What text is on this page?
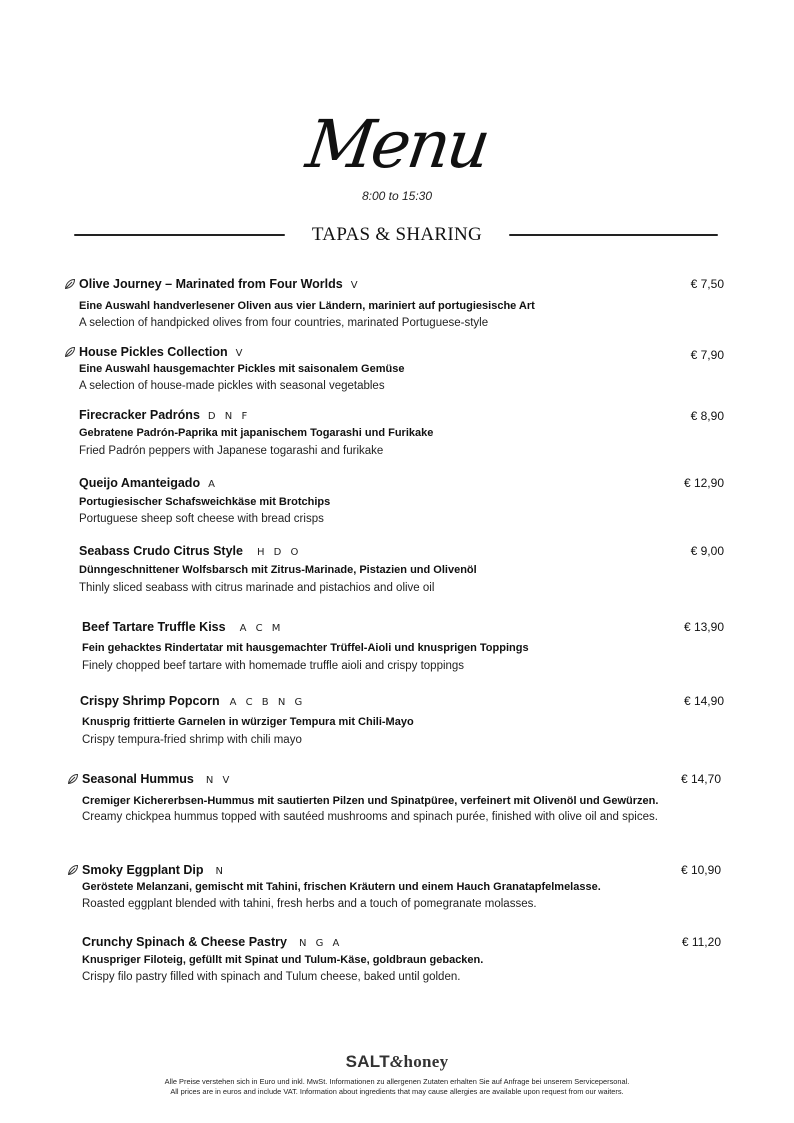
Menu
8:00 to 15:30
TAPAS & SHARING
Olive Journey – Marinated from Four Worlds V	€ 7,50
Eine Auswahl handverlesener Oliven aus vier Ländern, mariniert auf portugiesische Art
A selection of handpicked olives from four countries, marinated Portuguese-style
House Pickles Collection V	€ 7,90
Eine Auswahl hausgemachter Pickles mit saisonalem Gemüse
A selection of house-made pickles with seasonal vegetables
Firecracker Padróns D N F	€ 8,90
Gebratene Padrón-Paprika mit japanischem Togarashi und Furikake
Fried Padrón peppers with Japanese togarashi and furikake
Queijo Amanteigado A	€ 12,90
Portugiesischer Schafsweichkäse mit Brotchips
Portuguese sheep soft cheese with bread crisps
Seabass Crudo Citrus Style H D O	€ 9,00
Dünngeschnittener Wolfsbarsch mit Zitrus-Marinade, Pistazien und Olivenöl
Thinly sliced seabass with citrus marinade and pistachios and olive oil
Beef Tartare Truffle Kiss A C M	€ 13,90
Fein gehacktes Rindertatar mit hausgemachter Trüffel-Aioli und knusprigen Toppings
Finely chopped beef tartare with homemade truffle aioli and crispy toppings
Crispy Shrimp Popcorn A C B N G	€ 14,90
Knusprig frittierte Garnelen in würziger Tempura mit Chili-Mayo
Crispy tempura-fried shrimp with chili mayo
Seasonal Hummus N V	€ 14,70
Cremiger Kichererbsen-Hummus mit sautierten Pilzen und Spinatpüree, verfeinert mit Olivenöl und Gewürzen.
Creamy chickpea hummus topped with sautéed mushrooms and spinach purée, finished with olive oil and spices.
Smoky Eggplant Dip N	€ 10,90
Geröstete Melanzani, gemischt mit Tahini, frischen Kräutern und einem Hauch Granatapfelmelasse.
Roasted eggplant blended with tahini, fresh herbs and a touch of pomegranate molasses.
Crunchy Spinach & Cheese Pastry N G A	€ 11,20
Knuspriger Filoteig, gefüllt mit Spinat und Tulum-Käse, goldbraun gebacken.
Crispy filo pastry filled with spinach and Tulum cheese, baked until golden.
SALT&honey
Alle Preise verstehen sich in Euro und inkl. MwSt. Informationen zu allergenen Zutaten erhalten Sie auf Anfrage bei unserem Servicepersonal.
All prices are in euros and include VAT. Information about ingredients that may cause allergies are available upon request from our waiters.
